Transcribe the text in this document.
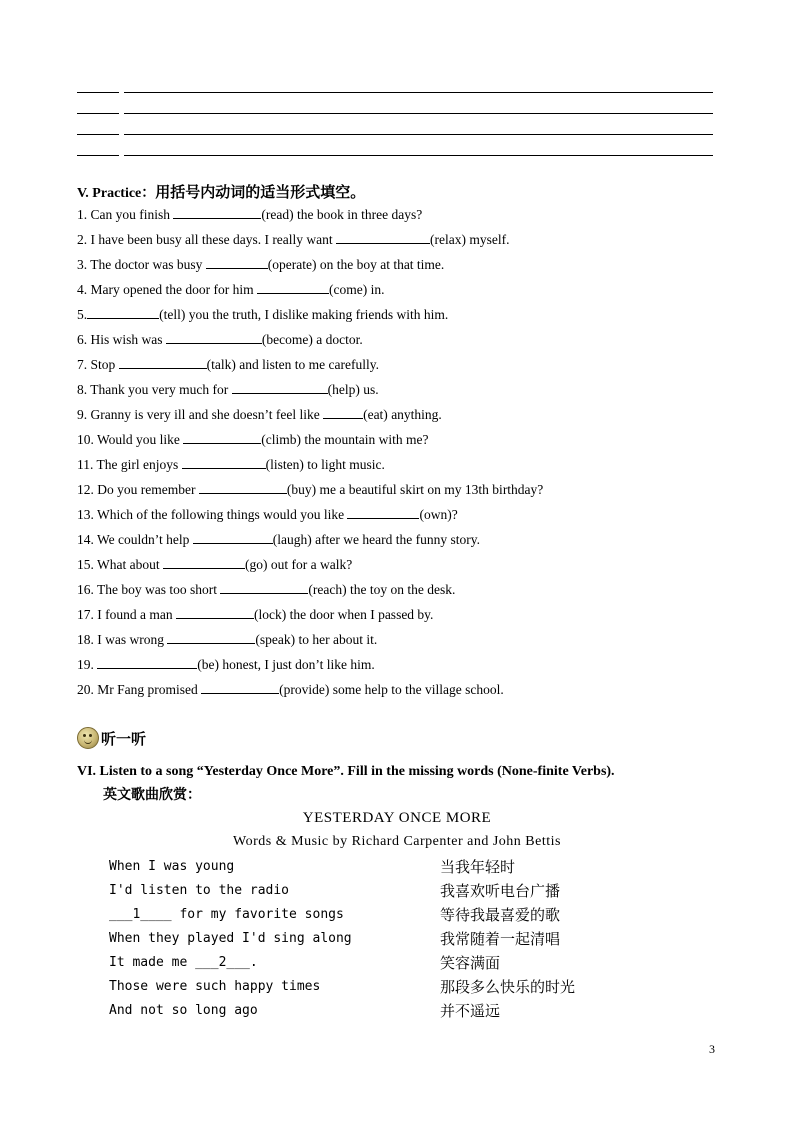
V. Practice：用括号内动词的适当形式填空。
1. Can you finish	(read) the book in three days?
2. I have been busy all these days. I really want	(relax) myself.
3. The doctor was busy	(operate) on the boy at that time.
4. Mary opened the door for him	(come) in.
5.	(tell) you the truth, I dislike making friends with him.
6. His wish was	(become) a doctor.
7. Stop	(talk) and listen to me carefully.
8. Thank you very much for	(help) us.
9. Granny is very ill and she doesn’t feel like	(eat) anything.
10. Would you like	(climb) the mountain with me?
11. The girl enjoys	(listen) to light music.
12. Do you remember	(buy) me a beautiful skirt on my 13th birthday?
13. Which of the following things would you like	(own)?
14. We couldn’t help	(laugh) after we heard the funny story.
15. What about	(go) out for a walk?
16. The boy was too short	(reach) the toy on the desk.
17. I found a man	(lock) the door when I passed by.
18. I was wrong	(speak) to her about it.
19.	(be) honest, I just don’t like him.
20. Mr Fang promised	(provide) some help to the village school.
听一听
VI. Listen to a song “Yesterday Once More”. Fill in the missing words (None-finite Verbs).
英文歌曲欣赏：
YESTERDAY ONCE MORE
Words & Music by Richard Carpenter and John Bettis
When I was young	当我年轻时
I'd listen to the radio	我喜欢听电台广播
___1____ for my favorite songs	等待我最喜爱的歌
When they played I'd sing along	我常随着一起清唱
It made me ___2___.	笑容满面
Those were such happy times	那段多么快乐的时光
And not so long ago	并不遥远
3
